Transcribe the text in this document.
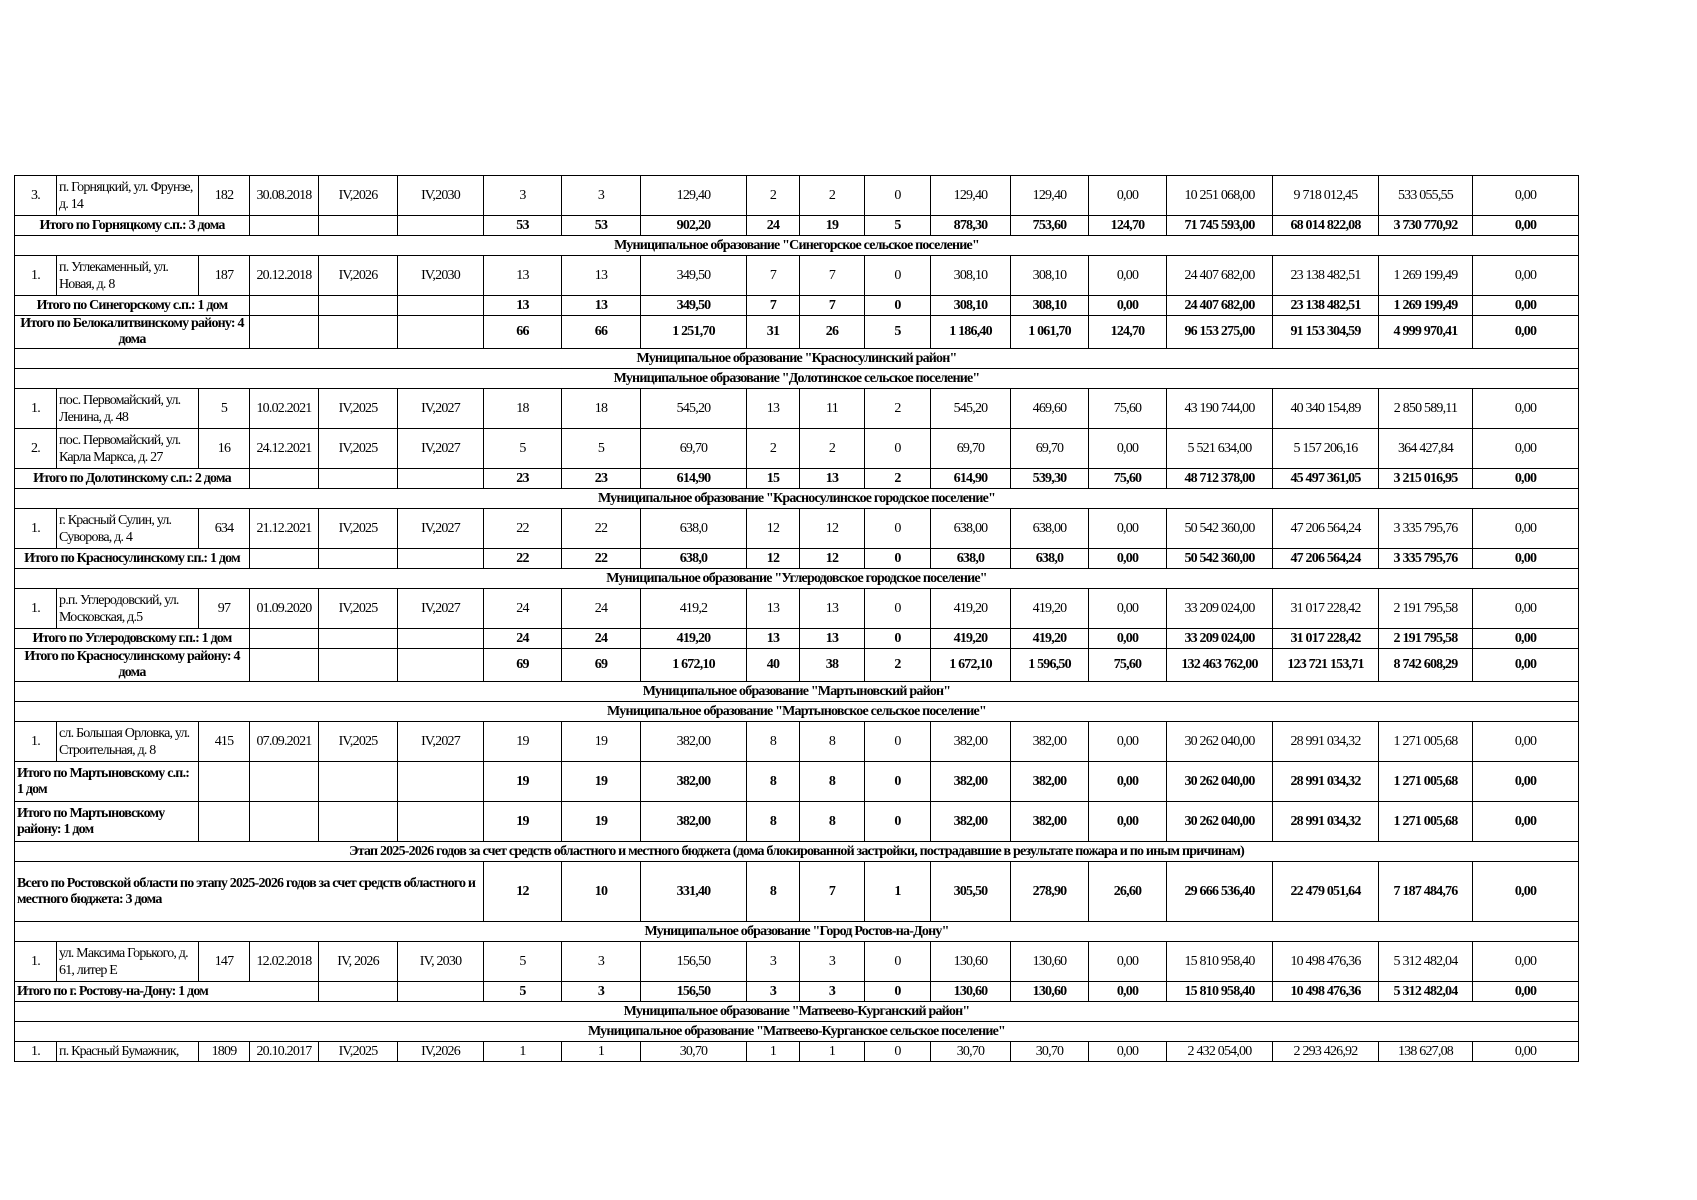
3.	п. Горняцкий, ул. Фрунзе, д. 14	182	30.08.2018	IV,2026	IV,2030	3	3	129,40	2	2	0	129,40	129,40	0,00	10 251 068,00	9 718 012,45	533 055,55	0,00
Итого по Горняцкому с.п.: 3 дома						53	53	902,20	24	19	5	878,30	753,60	124,70	71 745 593,00	68 014 822,08	3 730 770,92	0,00
Муниципальное образование "Синегорское сельское поселение"																		
1.	п. Углекаменный, ул. Новая, д. 8	187	20.12.2018	IV,2026	IV,2030	13	13	349,50	7	7	0	308,10	308,10	0,00	24 407 682,00	23 138 482,51	1 269 199,49	0,00
Итого по Синегорскому с.п.: 1 дом						13	13	349,50	7	7	0	308,10	308,10	0,00	24 407 682,00	23 138 482,51	1 269 199,49	0,00
Итого по Белокалитвинскому району: 4 дома						66	66	1 251,70	31	26	5	1 186,40	1 061,70	124,70	96 153 275,00	91 153 304,59	4 999 970,41	0,00
Муниципальное образование "Красносулинский район"																		
Муниципальное образование "Долотинское сельское поселение"																		
1.	пос. Первомайский, ул. Ленина, д. 48	5	10.02.2021	IV,2025	IV,2027	18	18	545,20	13	11	2	545,20	469,60	75,60	43 190 744,00	40 340 154,89	2 850 589,11	0,00
2.	пос. Первомайский, ул. Карла Маркса, д. 27	16	24.12.2021	IV,2025	IV,2027	5	5	69,70	2	2	0	69,70	69,70	0,00	5 521 634,00	5 157 206,16	364 427,84	0,00
Итого по Долотинскому с.п.: 2 дома						23	23	614,90	15	13	2	614,90	539,30	75,60	48 712 378,00	45 497 361,05	3 215 016,95	0,00
Муниципальное образование "Красносулинское городское поселение"																		
1.	г. Красный Сулин, ул. Суворова, д. 4	634	21.12.2021	IV,2025	IV,2027	22	22	638,0	12	12	0	638,00	638,00	0,00	50 542 360,00	47 206 564,24	3 335 795,76	0,00
Итого по Красносулинскому г.п.: 1 дом						22	22	638,0	12	12	0	638,0	638,0	0,00	50 542 360,00	47 206 564,24	3 335 795,76	0,00
Муниципальное образование "Углеродовское городское поселение"																		
1.	р.п. Углеродовский, ул. Московская, д.5	97	01.09.2020	IV,2025	IV,2027	24	24	419,2	13	13	0	419,20	419,20	0,00	33 209 024,00	31 017 228,42	2 191 795,58	0,00
Итого по Углеродовскому г.п.: 1 дом						24	24	419,20	13	13	0	419,20	419,20	0,00	33 209 024,00	31 017 228,42	2 191 795,58	0,00
Итого по Красносулинскому району: 4 дома						69	69	1 672,10	40	38	2	1 672,10	1 596,50	75,60	132 463 762,00	123 721 153,71	8 742 608,29	0,00
Муниципальное образование "Мартыновский район"																		
Муниципальное образование "Мартыновское сельское поселение"																		
1.	сл. Большая Орловка, ул. Строительная, д. 8	415	07.09.2021	IV,2025	IV,2027	19	19	382,00	8	8	0	382,00	382,00	0,00	30 262 040,00	28 991 034,32	1 271 005,68	0,00
Итого по Мартыновскому с.п.: 1 дом						19	19	382,00	8	8	0	382,00	382,00	0,00	30 262 040,00	28 991 034,32	1 271 005,68	0,00
Итого по Мартыновскому району: 1 дом						19	19	382,00	8	8	0	382,00	382,00	0,00	30 262 040,00	28 991 034,32	1 271 005,68	0,00
Этап 2025-2026 годов за счет средств областного и местного бюджета (дома блокированной застройки, пострадавшие в результате пожара и по иным причинам)																		
Всего по Ростовской области по этапу 2025-2026 годов за счет средств областного и местного бюджета: 3 дома						12	10	331,40	8	7	1	305,50	278,90	26,60	29 666 536,40	22 479 051,64	7 187 484,76	0,00
Муниципальное образование "Город Ростов-на-Дону"																		
1.	ул. Максима Горького, д. 61, литер Е	147	12.02.2018	IV, 2026	IV, 2030	5	3	156,50	3	3	0	130,60	130,60	0,00	15 810 958,40	10 498 476,36	5 312 482,04	0,00
Итого по г. Ростову-на-Дону: 1 дом						5	3	156,50	3	3	0	130,60	130,60	0,00	15 810 958,40	10 498 476,36	5 312 482,04	0,00
Муниципальное образование "Матвеево-Курганский район"																		
Муниципальное образование "Матвеево-Курганское сельское поселение"																		
1.	п. Красный Бумажник,	1809	20.10.2017	IV,2025	IV,2026	1	1	30,70	1	1	0	30,70	30,70	0,00	2 432 054,00	2 293 426,92	138 627,08	0,00
